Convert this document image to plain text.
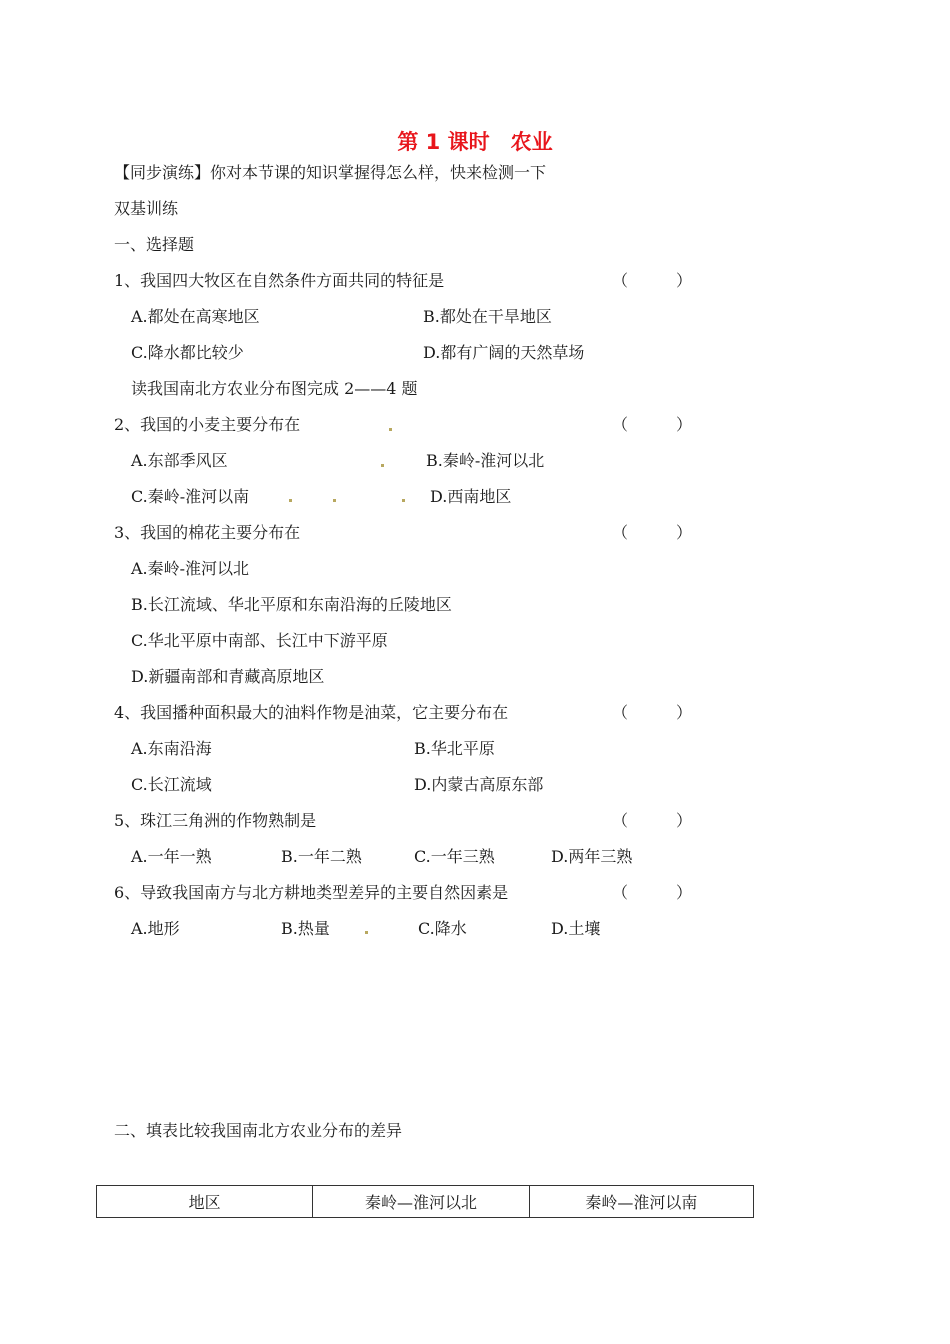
第 1 课时　农业
【同步演练】你对本节课的知识掌握得怎么样，快来检测一下
双基训练
一、选择题
1、我国四大牧区在自然条件方面共同的特征是	（　　　）
A.都处在高寒地区	B.都处在干旱地区
C.降水都比较少	D.都有广阔的天然草场
读我国南北方农业分布图完成 2——4 题
2、我国的小麦主要分布在	（　　　）
A.东部季风区	B.秦岭-淮河以北
C.秦岭-淮河以南	D.西南地区
3、我国的棉花主要分布在	（　　　）
A.秦岭-淮河以北
B.长江流域、华北平原和东南沿海的丘陵地区
C.华北平原中南部、长江中下游平原
D.新疆南部和青藏高原地区
4、我国播种面积最大的油料作物是油菜，它主要分布在	（　　　）
A.东南沿海	B.华北平原
C.长江流域	D.内蒙古高原东部
5、珠江三角洲的作物熟制是	（　　　）
A.一年一熟	B.一年二熟	C.一年三熟	D.两年三熟
6、导致我国南方与北方耕地类型差异的主要自然因素是	（　　　）
A.地形	B.热量	C.降水	D.土壤
二、填表比较我国南北方农业分布的差异
地区	秦岭—淮河以北	秦岭—淮河以南
